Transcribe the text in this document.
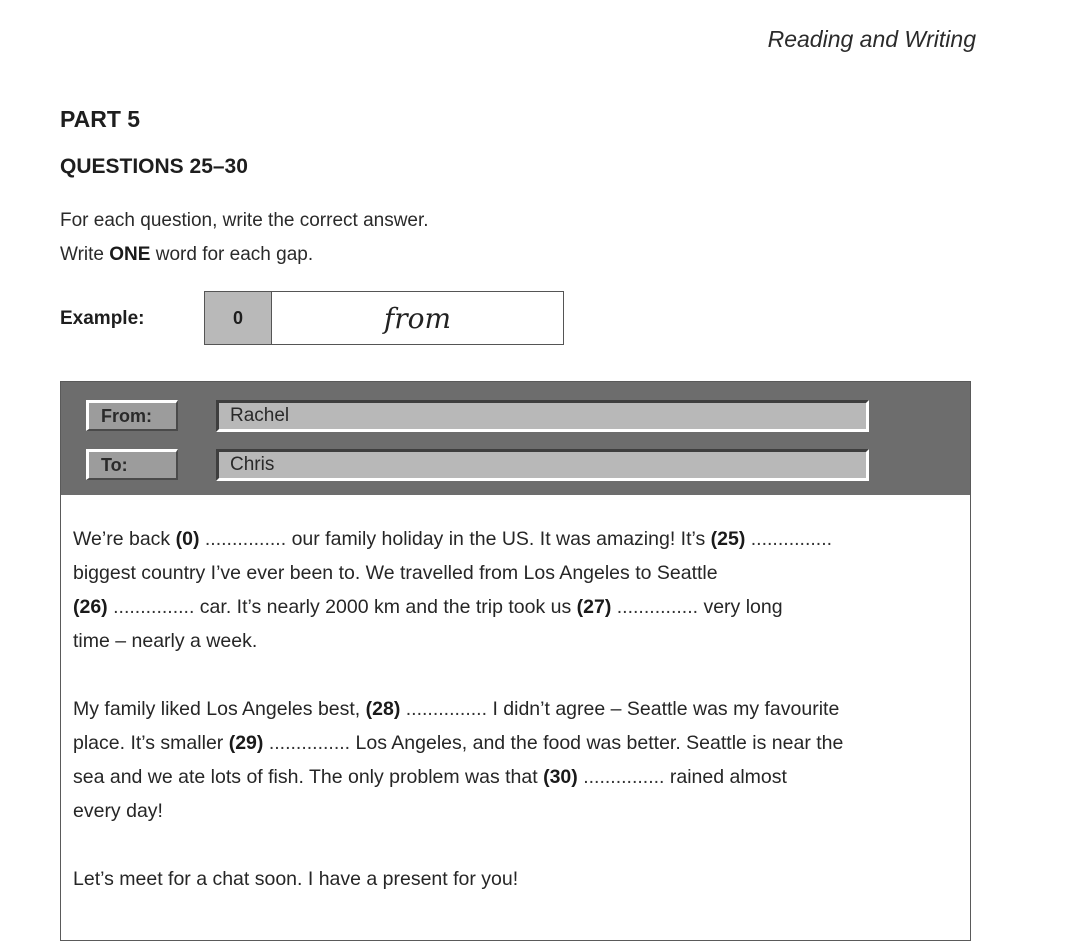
Reading and Writing
PART 5
QUESTIONS 25–30
For each question, write the correct answer.
Write ONE word for each gap.
Example:	0	from
From:	Rachel
To:	Chris
We’re back (0) ............... our family holiday in the US. It was amazing! It’s (25) ...............
biggest country I’ve ever been to. We travelled from Los Angeles to Seattle
(26) ............... car. It’s nearly 2000 km and the trip took us (27) ............... very long
time – nearly a week.
My family liked Los Angeles best, (28) ............... I didn’t agree – Seattle was my favourite
place. It’s smaller (29) ............... Los Angeles, and the food was better. Seattle is near the
sea and we ate lots of fish. The only problem was that (30) ............... rained almost
every day!
Let’s meet for a chat soon. I have a present for you!
